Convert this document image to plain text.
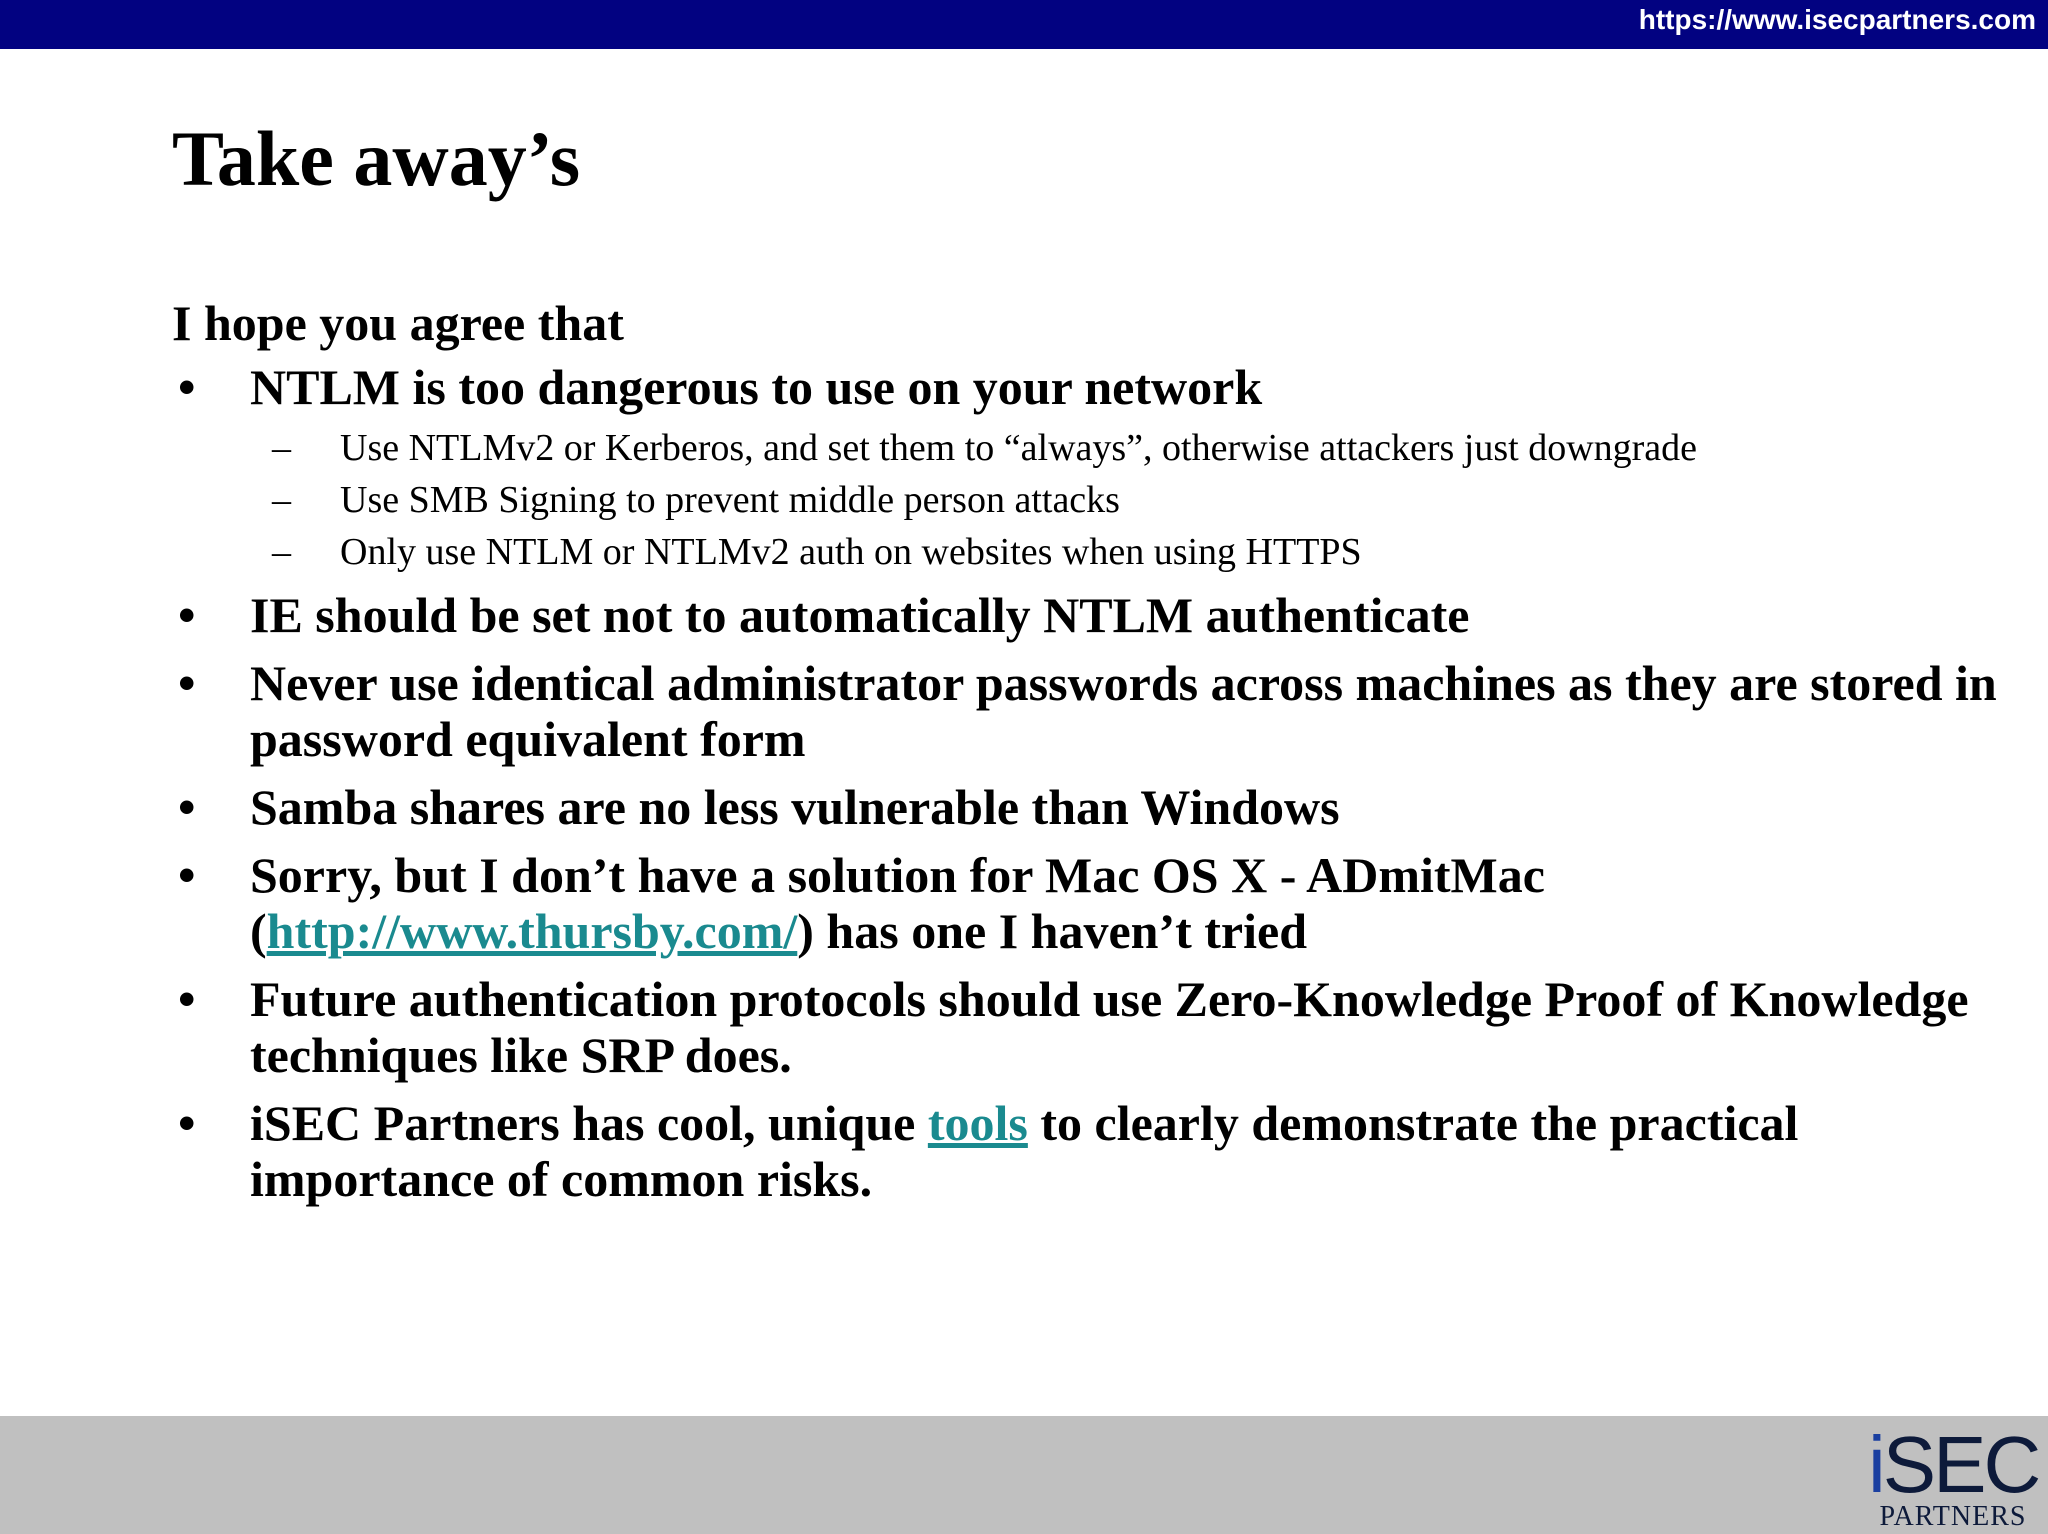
https://www.isecpartners.com
Take away’s

I hope you agree that

• NTLM is too dangerous to use on your network
– Use NTLMv2 or Kerberos, and set them to “always”, otherwise attackers just downgrade
– Use SMB Signing to prevent middle person attacks
– Only use NTLM or NTLMv2 auth on websites when using HTTPS
• IE should be set not to automatically NTLM authenticate
• Never use identical administrator passwords across machines as they are stored in password equivalent form
• Samba shares are no less vulnerable than Windows
• Sorry, but I don’t have a solution for Mac OS X - ADmitMac (http://www.thursby.com/) has one I haven’t tried
• Future authentication protocols should use Zero-Knowledge Proof of Knowledge techniques like SRP does.
• iSEC Partners has cool, unique tools to clearly demonstrate the practical importance of common risks.
iSEC
PARTNERS
